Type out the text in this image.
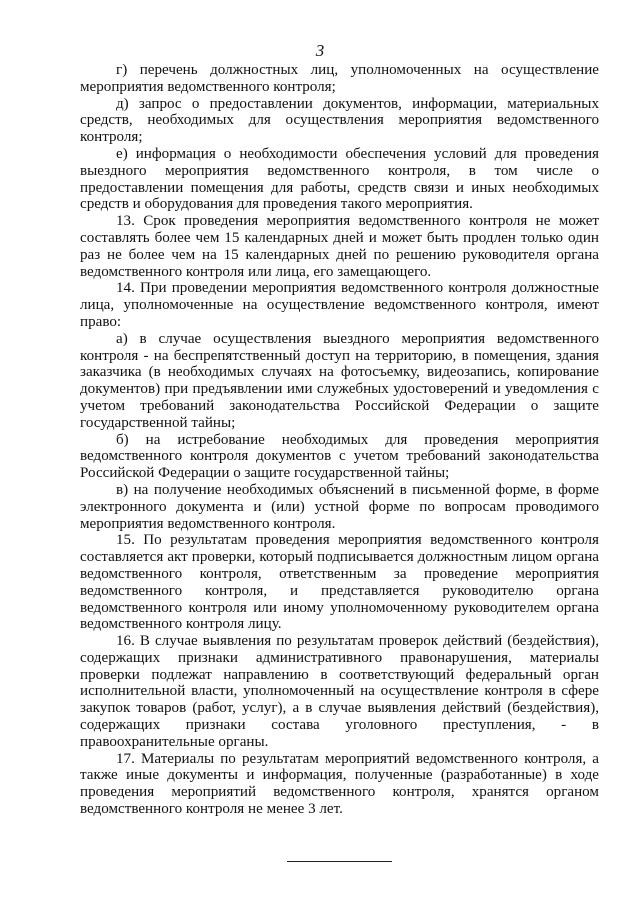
3

г) перечень должностных лиц, уполномоченных на осуществление мероприятия ведомственного контроля;

д) запрос о предоставлении документов, информации, материальных средств, необходимых для осуществления мероприятия ведомственного контроля;

е) информация о необходимости обеспечения условий для проведения выездного мероприятия ведомственного контроля, в том числе о предоставлении помещения для работы, средств связи и иных необходимых средств и оборудования для проведения такого мероприятия.

13. Срок проведения мероприятия ведомственного контроля не может составлять более чем 15 календарных дней и может быть продлен только один раз не более чем на 15 календарных дней по решению руководителя органа ведомственного контроля или лица, его замещающего.

14. При проведении мероприятия ведомственного контроля должностные лица, уполномоченные на осуществление ведомственного контроля, имеют право:

а) в случае осуществления выездного мероприятия ведомственного контроля - на беспрепятственный доступ на территорию, в помещения, здания заказчика (в необходимых случаях на фотосъемку, видеозапись, копирование документов) при предъявлении ими служебных удостоверений и уведомления с учетом требований законодательства Российской Федерации о защите государственной тайны;

б) на истребование необходимых для проведения мероприятия ведомственного контроля документов с учетом требований законодательства Российской Федерации о защите государственной тайны;

в) на получение необходимых объяснений в письменной форме, в форме электронного документа и (или) устной форме по вопросам проводимого мероприятия ведомственного контроля.

15. По результатам проведения мероприятия ведомственного контроля составляется акт проверки, который подписывается должностным лицом органа ведомственного контроля, ответственным за проведение мероприятия ведомственного контроля, и представляется руководителю органа ведомственного контроля или иному уполномоченному руководителем органа ведомственного контроля лицу.

16. В случае выявления по результатам проверок действий (бездействия), содержащих признаки административного правонарушения, материалы проверки подлежат направлению в соответствующий федеральный орган исполнительной власти, уполномоченный на осуществление контроля в сфере закупок товаров (работ, услуг), а в случае выявления действий (бездействия), содержащих признаки состава уголовного преступления, - в правоохранительные органы.

17. Материалы по результатам мероприятий ведомственного контроля, а также иные документы и информация, полученные (разработанные) в ходе проведения мероприятий ведомственного контроля, хранятся органом ведомственного контроля не менее 3 лет.
